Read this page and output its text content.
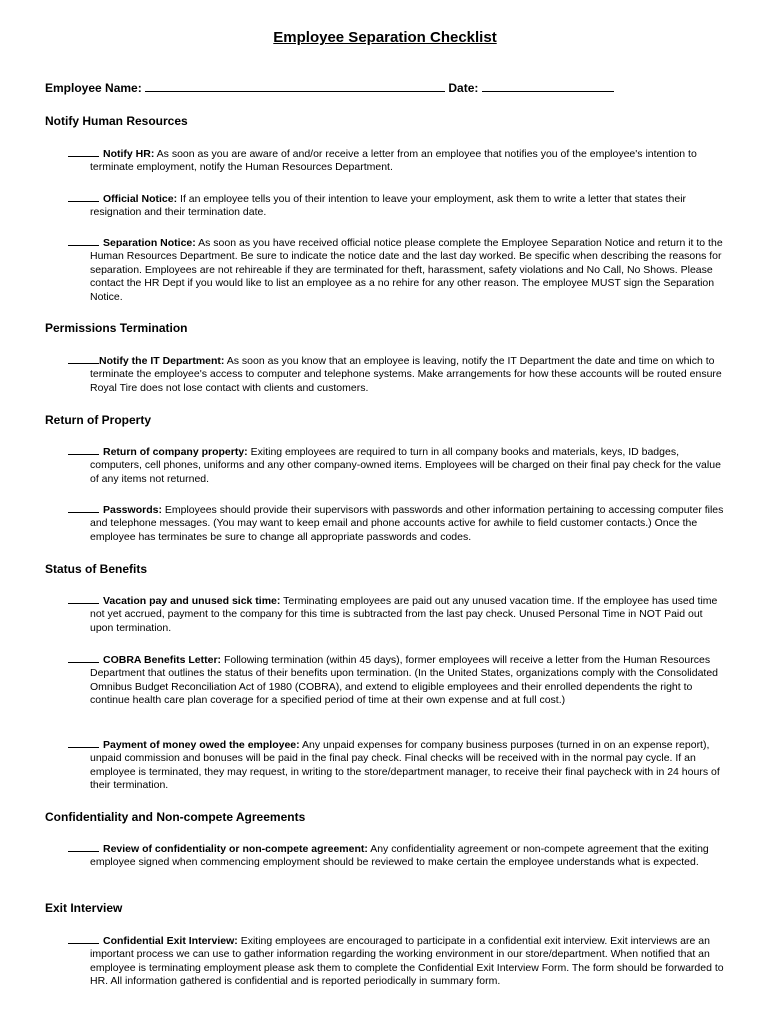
Employee Separation Checklist
Employee Name:	Date:
Notify Human Resources
Notify HR: As soon as you are aware of and/or receive a letter from an employee that notifies you of the employee's intention to terminate employment, notify the Human Resources Department.
Official Notice: If an employee tells you of their intention to leave your employment, ask them to write a letter that states their resignation and their termination date.
Separation Notice: As soon as you have received official notice please complete the Employee Separation Notice and return it to the Human Resources Department. Be sure to indicate the notice date and the last day worked. Be specific when describing the reasons for separation. Employees are not rehireable if they are terminated for theft, harassment, safety violations and No Call, No Shows. Please contact the HR Dept if you would like to list an employee as a no rehire for any other reason. The employee MUST sign the Separation Notice.
Permissions Termination
Notify the IT Department: As soon as you know that an employee is leaving, notify the IT Department the date and time on which to terminate the employee's access to computer and telephone systems. Make arrangements for how these accounts will be routed ensure Royal Tire does not lose contact with clients and customers.
Return of Property
Return of company property: Exiting employees are required to turn in all company books and materials, keys, ID badges, computers, cell phones, uniforms and any other company-owned items. Employees will be charged on their final pay check for the value of any items not returned.
Passwords: Employees should provide their supervisors with passwords and other information pertaining to accessing computer files and telephone messages. (You may want to keep email and phone accounts active for awhile to field customer contacts.) Once the employee has terminates be sure to change all appropriate passwords and codes.
Status of Benefits
Vacation pay and unused sick time: Terminating employees are paid out any unused vacation time. If the employee has used time not yet accrued, payment to the company for this time is subtracted from the last pay check. Unused Personal Time in NOT Paid out upon termination.
COBRA Benefits Letter: Following termination (within 45 days), former employees will receive a letter from the Human Resources Department that outlines the status of their benefits upon termination. (In the United States, organizations comply with the Consolidated Omnibus Budget Reconciliation Act of 1980 (COBRA), and extend to eligible employees and their enrolled dependents the right to continue health care plan coverage for a specified period of time at their own expense and at full cost.)
Payment of money owed the employee: Any unpaid expenses for company business purposes (turned in on an expense report), unpaid commission and bonuses will be paid in the final pay check. Final checks will be received with in the normal pay cycle. If an employee is terminated, they may request, in writing to the store/department manager, to receive their final paycheck with in 24 hours of their termination.
Confidentiality and Non-compete Agreements
Review of confidentiality or non-compete agreement: Any confidentiality agreement or non-compete agreement that the exiting employee signed when commencing employment should be reviewed to make certain the employee understands what is expected.
Exit Interview
Confidential Exit Interview: Exiting employees are encouraged to participate in a confidential exit interview. Exit interviews are an important process we can use to gather information regarding the working environment in our store/department. When notified that an employee is terminating employment please ask them to complete the Confidential Exit Interview Form. The form should be forwarded to HR. All information gathered is confidential and is reported periodically in summary form.
